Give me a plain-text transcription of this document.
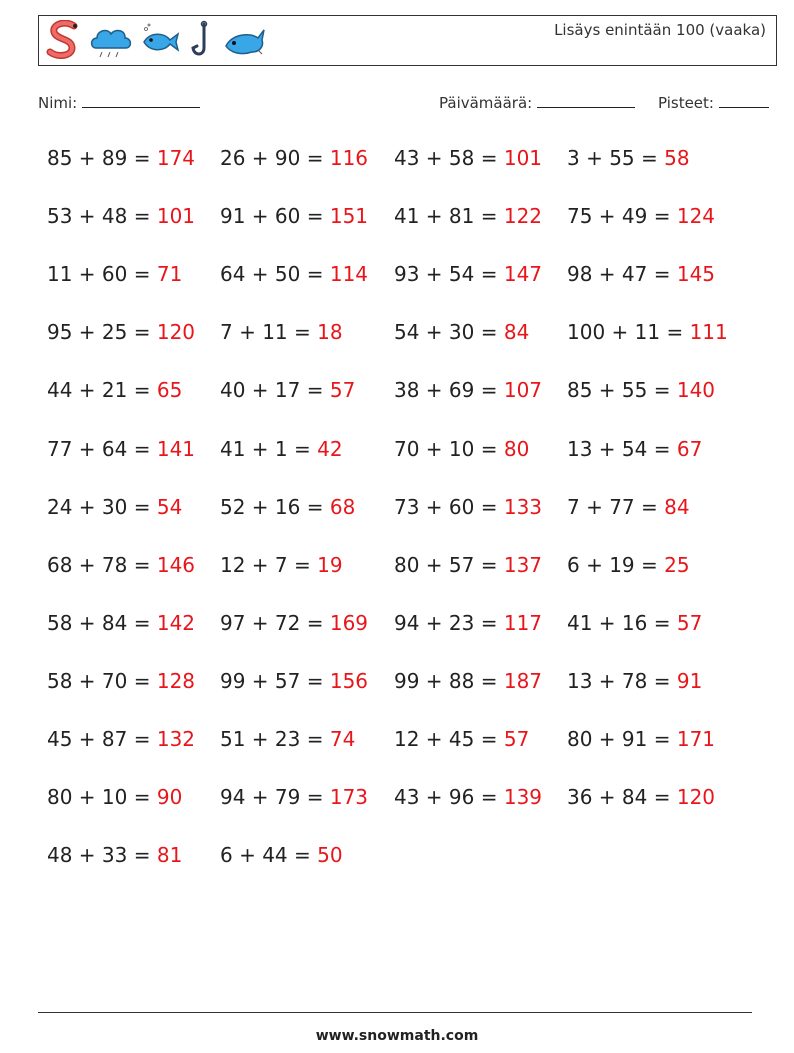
Lisäys enintään 100 (vaaka)
Nimi:	Päivämäärä:	Pisteet:
85 + 89 = 174 26 + 90 = 116 43 + 58 = 101 3 + 55 = 58
53 + 48 = 101 91 + 60 = 151 41 + 81 = 122 75 + 49 = 124
11 + 60 = 71 64 + 50 = 114 93 + 54 = 147 98 + 47 = 145
95 + 25 = 120 7 + 11 = 18	54 + 30 = 84 100 + 11 = 111
44 + 21 = 65 40 + 17 = 57 38 + 69 = 107 85 + 55 = 140
77 + 64 = 141 41 + 1 = 42	70 + 10 = 80 13 + 54 = 67
24 + 30 = 54 52 + 16 = 68 73 + 60 = 133 7 + 77 = 84
68 + 78 = 146 12 + 7 = 19	80 + 57 = 137 6 + 19 = 25
58 + 84 = 142 97 + 72 = 169 94 + 23 = 117 41 + 16 = 57
58 + 70 = 128 99 + 57 = 156 99 + 88 = 187 13 + 78 = 91
45 + 87 = 132 51 + 23 = 74 12 + 45 = 57 80 + 91 = 171
80 + 10 = 90 94 + 79 = 173 43 + 96 = 139 36 + 84 = 120
48 + 33 = 81 6 + 44 = 50
www.snowmath.com
